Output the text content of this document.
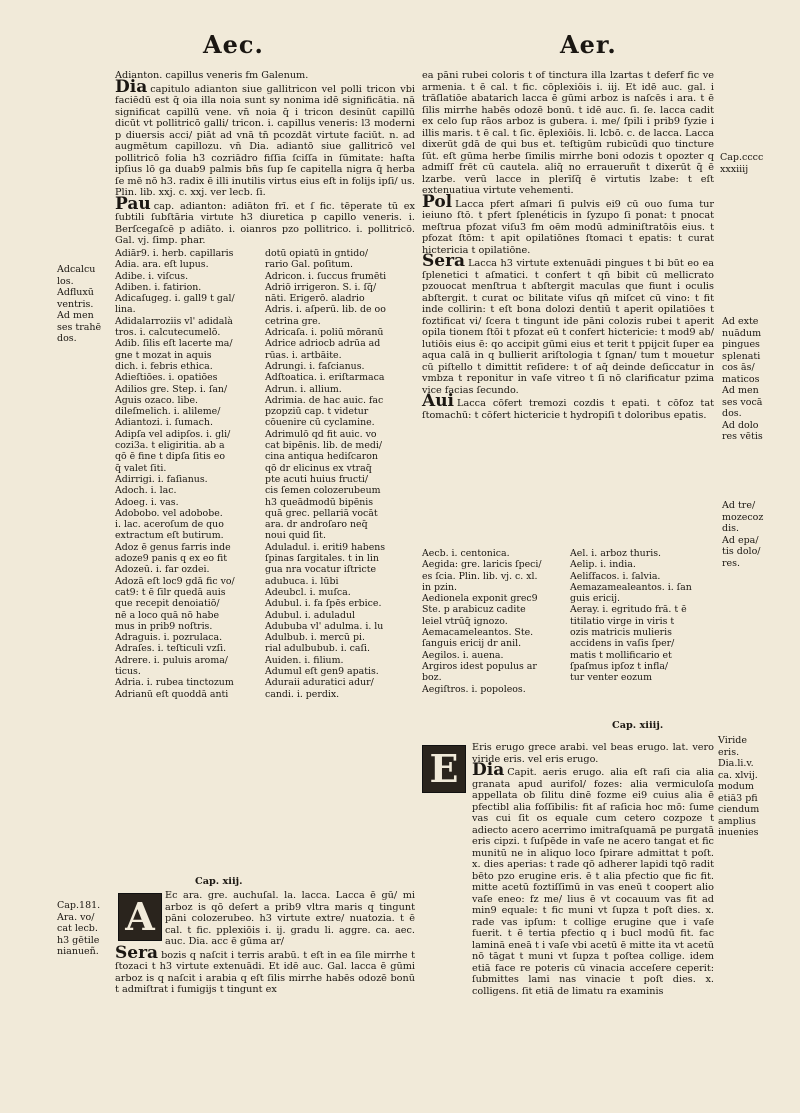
Aec.	Aer.
Adcalcu
los.
Adfluxū
ventris.
Ad men
ses trahē
dos.
Cap.181.
Ara. vo/
cat lecb.
h3 gētile
nianueñ.
Cap.cccc
xxxiiij
Ad exte
nuādum
pingues
splenati
cos ās/
maticos
Ad men
ses vocā
dos.
Ad dolo
res vētis
Ad tre/
mozecoz
dis.
Ad epa/
tis dolo/
res.
Viride
eris.
Dia.li.v.
ca. xlvij.
modum
etiā3 pfi
ciendum
amplius
inuenies

Adianton. capillus veneris fm Galenum.

Dia capitulo adianton siue gallitricon vel polli tricon vbi faciēdū est q̄ oia illa noia sunt sy nonima idē significātia. nā significat capillū vene. vn̄ noia q̄ i tricon desinūt capillū dicūt vt pollitricō galli/ tricon. i. capillus veneris: l3 moderni p diuersis acci/ piāt ad vnā tn̄ pcozdāt virtute faciūt. n. ad augmētum capillozu. vn̄ Dia. adiantō siue gallitricō vel pollitricō folia h3 cozriādro fiſſia ſciſſa in ſūmitate: haſta ipſius lō ga duab9 palmis bn̄s ſup ſe capitella nigra q̄ herba ſe mē nō h3. radix ē illi inutilis virtus eius eſt in folijs ipſi/ us. Plin. lib. xxj. c. xxj. ver lecb. ſi.

Pau cap. adianton: adiāton frī. et ſ fic. tēperate tū ex ſubtili ſubſtāria virtute h3 diuretica p capillo veneris. i. Berſcegaſcē p adiāto. i. oianros pzo pollitrico. i. pollitricō. Gal. vj. ſimp. phar.

ea pāni rubei coloris t of tinctura illa lzartas t deferf fic ve armenia. t ē cal. t fic. cōplexiōis i. iij. Et idē auc. gal. i trāſlatiōe abatarich lacca ē gūmi arboz is naſcēs i ara. t ē ſilis mirrhe habēs odozē bonū. t idē auc. ſi. ſe. lacca cadit ex celo ſup rāos arboz is gubera. i. me/ ſpili i prib9 ſyzie i illis maris. t ē cal. t ſic. ēplexiōis. li. lcbō. c. de lacca. Lacca dixerūt gdā de qui bus et. teſtigūm rubicūdi quo tincture ſūt. eſt gūma herbe ſimilis mirrhe boni odozis t opozter q admiſſ frēt cū cautela. aliq̄ no erraueruñt t dixerūt q̄ ē lzarbe. verū lacce in plerīſq̄ ē virtutis lzabe: t eſt extenuatiua virtute vehementi.

Pol Lacca pfert aſmari ſi pulvis ei9 cū ouo ſuma tur ieiuno ſtō. t pfert ſplenéticis in ſyzupo ſi ponat: t pnocat meſtrua pfozat viſu3 fm oēm modū adminiſtratōis eius. t pfozat ſtōm: t apit opilatiōnes ſtomaci t epatis: t curat hictericia t opilatiōne.

Sera Lacca h3 virtute extenuādi pingues t bi būt eo ea ſplenetici t aſmatici. t confert t qn̄ bibit cū mellicrato pzouocat menſtrua t abſtergit maculas que fiunt i oculis abſtergit. t curat oc bilitate viſus qn̄ miſcet cū vino: t fit inde collirin: t eſt bona dolozi dentiū t aperit opilatiōes t foztificat vi/ ſcera t tingunt ide pāni colozis rubei t aperit opila tionem ſtōi t pfozat eū t confert hictericie: t mod9 ab/ lutiōis eius ē: qo accipit gūmi eius et terit t ppijcit ſuper ea aqua calā in q bullierit ariſtologia t ſgnan/ tum t mouetur cū piſtello t dimittit reſidere: t of aq̄ deinde deſiccatur in vmbza t reponitur in vaſe vitreo t ſi nō clarificatur pzima vice facias ſecundo.

Aui Lacca cōfert tremozi cozdis t epati. t cōfoz tat ſtomachū: t cōfert hictericie t hydropiſi t doloribus epatis.

Adiār9. i. herb. capillaris

Adia. ara. eſt lupus.

Adibe. i. viſcus.

Adiben. i. fatirion.

Adicaſugeg. i. gall9 t gal/
lina.

Adidalarroziis vl' adidalà
tros. i. calcutecumelō.

Adib. ſilis eſt lacerte ma/
gne t mozat in aquis
dich. i. febris ethica.

Adieſtiōes. i. opatiōes

Adilios gre. Step. i. ſan/

Aguis ozaco. libe.
dileſmelich. i. alileme/

Adiantozi. i. ſumach.

Adipſa vel adipſos. i. gli/
cozi3a. t eligiritia. ab a
qō ē fine t dipſa ſitis eo
q̄ valet ſiti.

Adirrigi. i. faſianus.

Adoch. i. lac.

Adoeg. i. vas.

Adobobo. vel adobobe.
i. lac. aceroſum de quo
extractum eſt butirum.

Adoz ē genus farris inde
adoze9 panis q ex eo fit

Adozeū. i. far ozdei.

Adozā eſt loc9 gdā fic vo/
cat9: t ē ſilr quedā auis
que recepit denoiatiō/
nē a loco quā nō habe
mus in prib9 noſtris.

Adraguis. i. pozrulaca.

Adraſes. i. teſticuli vzſi.

Adrere. i. puluis aroma/
ticus.

Adria. i. rubea tinctozum

Adrianū eſt quoddā anti

dotū opiatū in gntido/
rario Gal. poſitum.

Adricon. i. ſuccus frumēti

Adriō irrigeron. S. i. ſq̄/
nāti. Erigerō. aladrio

Adris. i. aſperū. lib. de oo
cetrina gre.

Adricaſa. i. poliū mōranū

Adrice adriocb adrūa ad
rūas. i. artbāite.

Adrungi. i. faſcianus.

Adſtoatica. i. eriſtarmaca

Adrun. i. allium.

Adrimia. de hac auic. fac
pzopziū cap. t videtur
cōuenire cū cyclamine.

Adrimulō qd fit auic. vo
cat bipēnis. lib. de medi/
cina antiqua hediſcaron
qō dr elicinus ex vtraq̄
pte acuti huius fructi/
cis ſemen colozerubeum
h3 queādmodū bipēnis
quā grec. pellariā vocāt
ara. dr androſaro neq̄
noui quid ſit.

Aduladul. i. eriti9 habens
ſpinas ſargitales. t in lin
gua nra vocatur iſtricte
adubuca. i. lūbi

Adeubcl. i. muſca.

Adubul. i. fa ſpēs erbice.

Adubul. i. aduladul

Adububa vl' adulma. i. lu

Adulbub. i. mercū pi.
rial adulbubub. i. caſi.

Auiden. i. filium.

Adumul eſt gen9 apatis.

Aduraii aduratici adur/
candi. i. perdix.

Aecb. i. centonica.

Aegida: gre. laricis ſpeci/
es ſcia. Plin. lib. vj. c. xl.
in pzin.

Aedionela exponit grec9
Ste. p arabicuz cadite
leiel vtrūq̄ ignozo.

Aemacameleantos. Ste.
ſanguis ericij dr anil.

Aegilos. i. auena.

Argiros idest populus ar
boz.

Aegiſtros. i. popoleos.

Ael. i. arboz thuris.

Aelip. i. india.

Aeliſfacos. i. ſalvia.

Aemazamealeantos. i. ſan
guis ericij.

Aeray. i. egritudo frā. t ē
titilatio virge in viris t
ozis matricis mulieris
accidens in vaſis ſper/
matis t mollificario et
ſpaſmus ipſoz t infla/
tur venter eozum

Cap. xiij.
Cap. xiiij.
A	Ec ara. gre. auchuſal. la. lacca. Lacca ē gū/ mi arboz is qō deſert a prib9 vltra maris q tingunt pāni colozerubeo. h3 virtute extre/ nuatozia. t ē cal. t fic. pplexiōis i. ij. gradu li. aggre. ca. aec. auc. Dia. acc ē gūma ar/

Sera bozis q naſcit i terris arabū. t eſt in ea ſile mirrhe t ſtozaci t h3 virtute extenuādi. Et idē auc. Gal. lacca ē gūmi arboz is q naſcit i arabia q eſt ſilis mirrhe habēs odozē bonū t admiſtrat i fumigijs t tingunt ex

E	Eris erugo grece arabi. vel beas erugo. lat. vero viride eris. vel eris erugo.

Dia Capit. aeris erugo. alia eſt raſi cia alia granata apud aurifol/ fozes: alia vermiculoſa appellata ob ſilitu dinē fozme ei9 cuius alia ē pfectibl alia foſſibilis: fit aſ raſicia hoc mō: ſume vas cui ſit os equale cum cetero cozpoze t adiecto acero acerrimo imitraſquamā pe purgatā eris cipzi. t ſuſpēde in vaſe ne acero tangat et fic munitū ne in aliquo loco ſpirare admittat t poſt. x. dies aperias: t rade qō adherer lapidi tqō radit bēto pzo erugine eris. ē t alia pfectio que fic fit. mitte acetū foztiſſimū in vas eneū t coopert alio vaſe eneo: fz me/ lius ē vt cocauum vas fit ad min9 equale: t fic muni vt ſupza t poſt dies. x. rade vas ipſum: t collige erugine que i vaſe fuerit. t ē tertia pfectio q i bucl modū fit. fac laminā eneā t i vaſe vbi acetū ē mitte ita vt acetū nō tāgat t muni vt ſupza t poſtea collige. idem etiā face re poteris cū vinacia acceſere ceperit: ſubmittes lami nas vinacie t poſt dies. x. colligens. ſit etiā de limatu ra examinis
